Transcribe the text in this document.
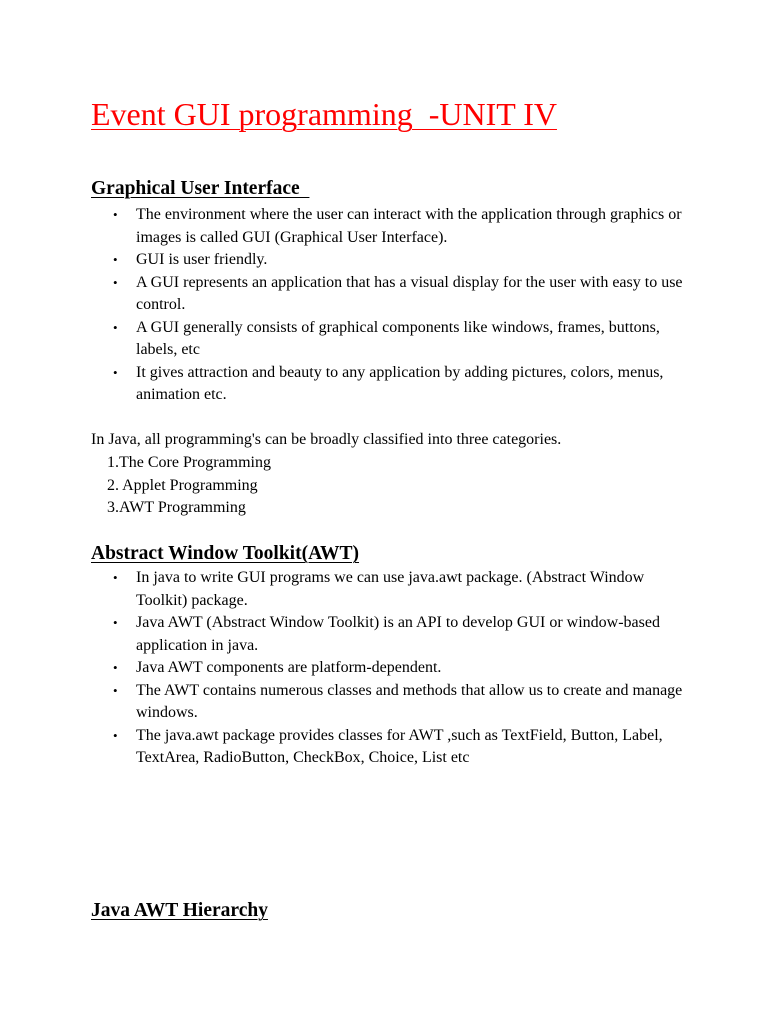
Event GUI programming  -UNIT IV
Graphical User Interface
• The environment where the user can interact with the application through graphics or images is called GUI (Graphical User Interface).
• GUI is user friendly.
• A GUI represents an application that has a visual display for the user with easy to use control.
• A GUI generally consists of graphical components like windows, frames, buttons, labels, etc
• It gives attraction and beauty to any application by adding pictures, colors, menus, animation etc.

In Java, all programming's can be broadly classified into three categories.

1.The Core Programming
2. Applet Programming
3.AWT Programming
Abstract Window Toolkit(AWT)
• In java to write GUI programs we can use java.awt package. (Abstract Window Toolkit) package.
• Java AWT (Abstract Window Toolkit) is an API to develop GUI or window-based application in java.
• Java AWT components are platform-dependent.
• The AWT contains numerous classes and methods that allow us to create and manage windows.
• The java.awt package provides classes for AWT ,such as TextField, Button, Label, TextArea, RadioButton, CheckBox, Choice, List etc
Java AWT Hierarchy
